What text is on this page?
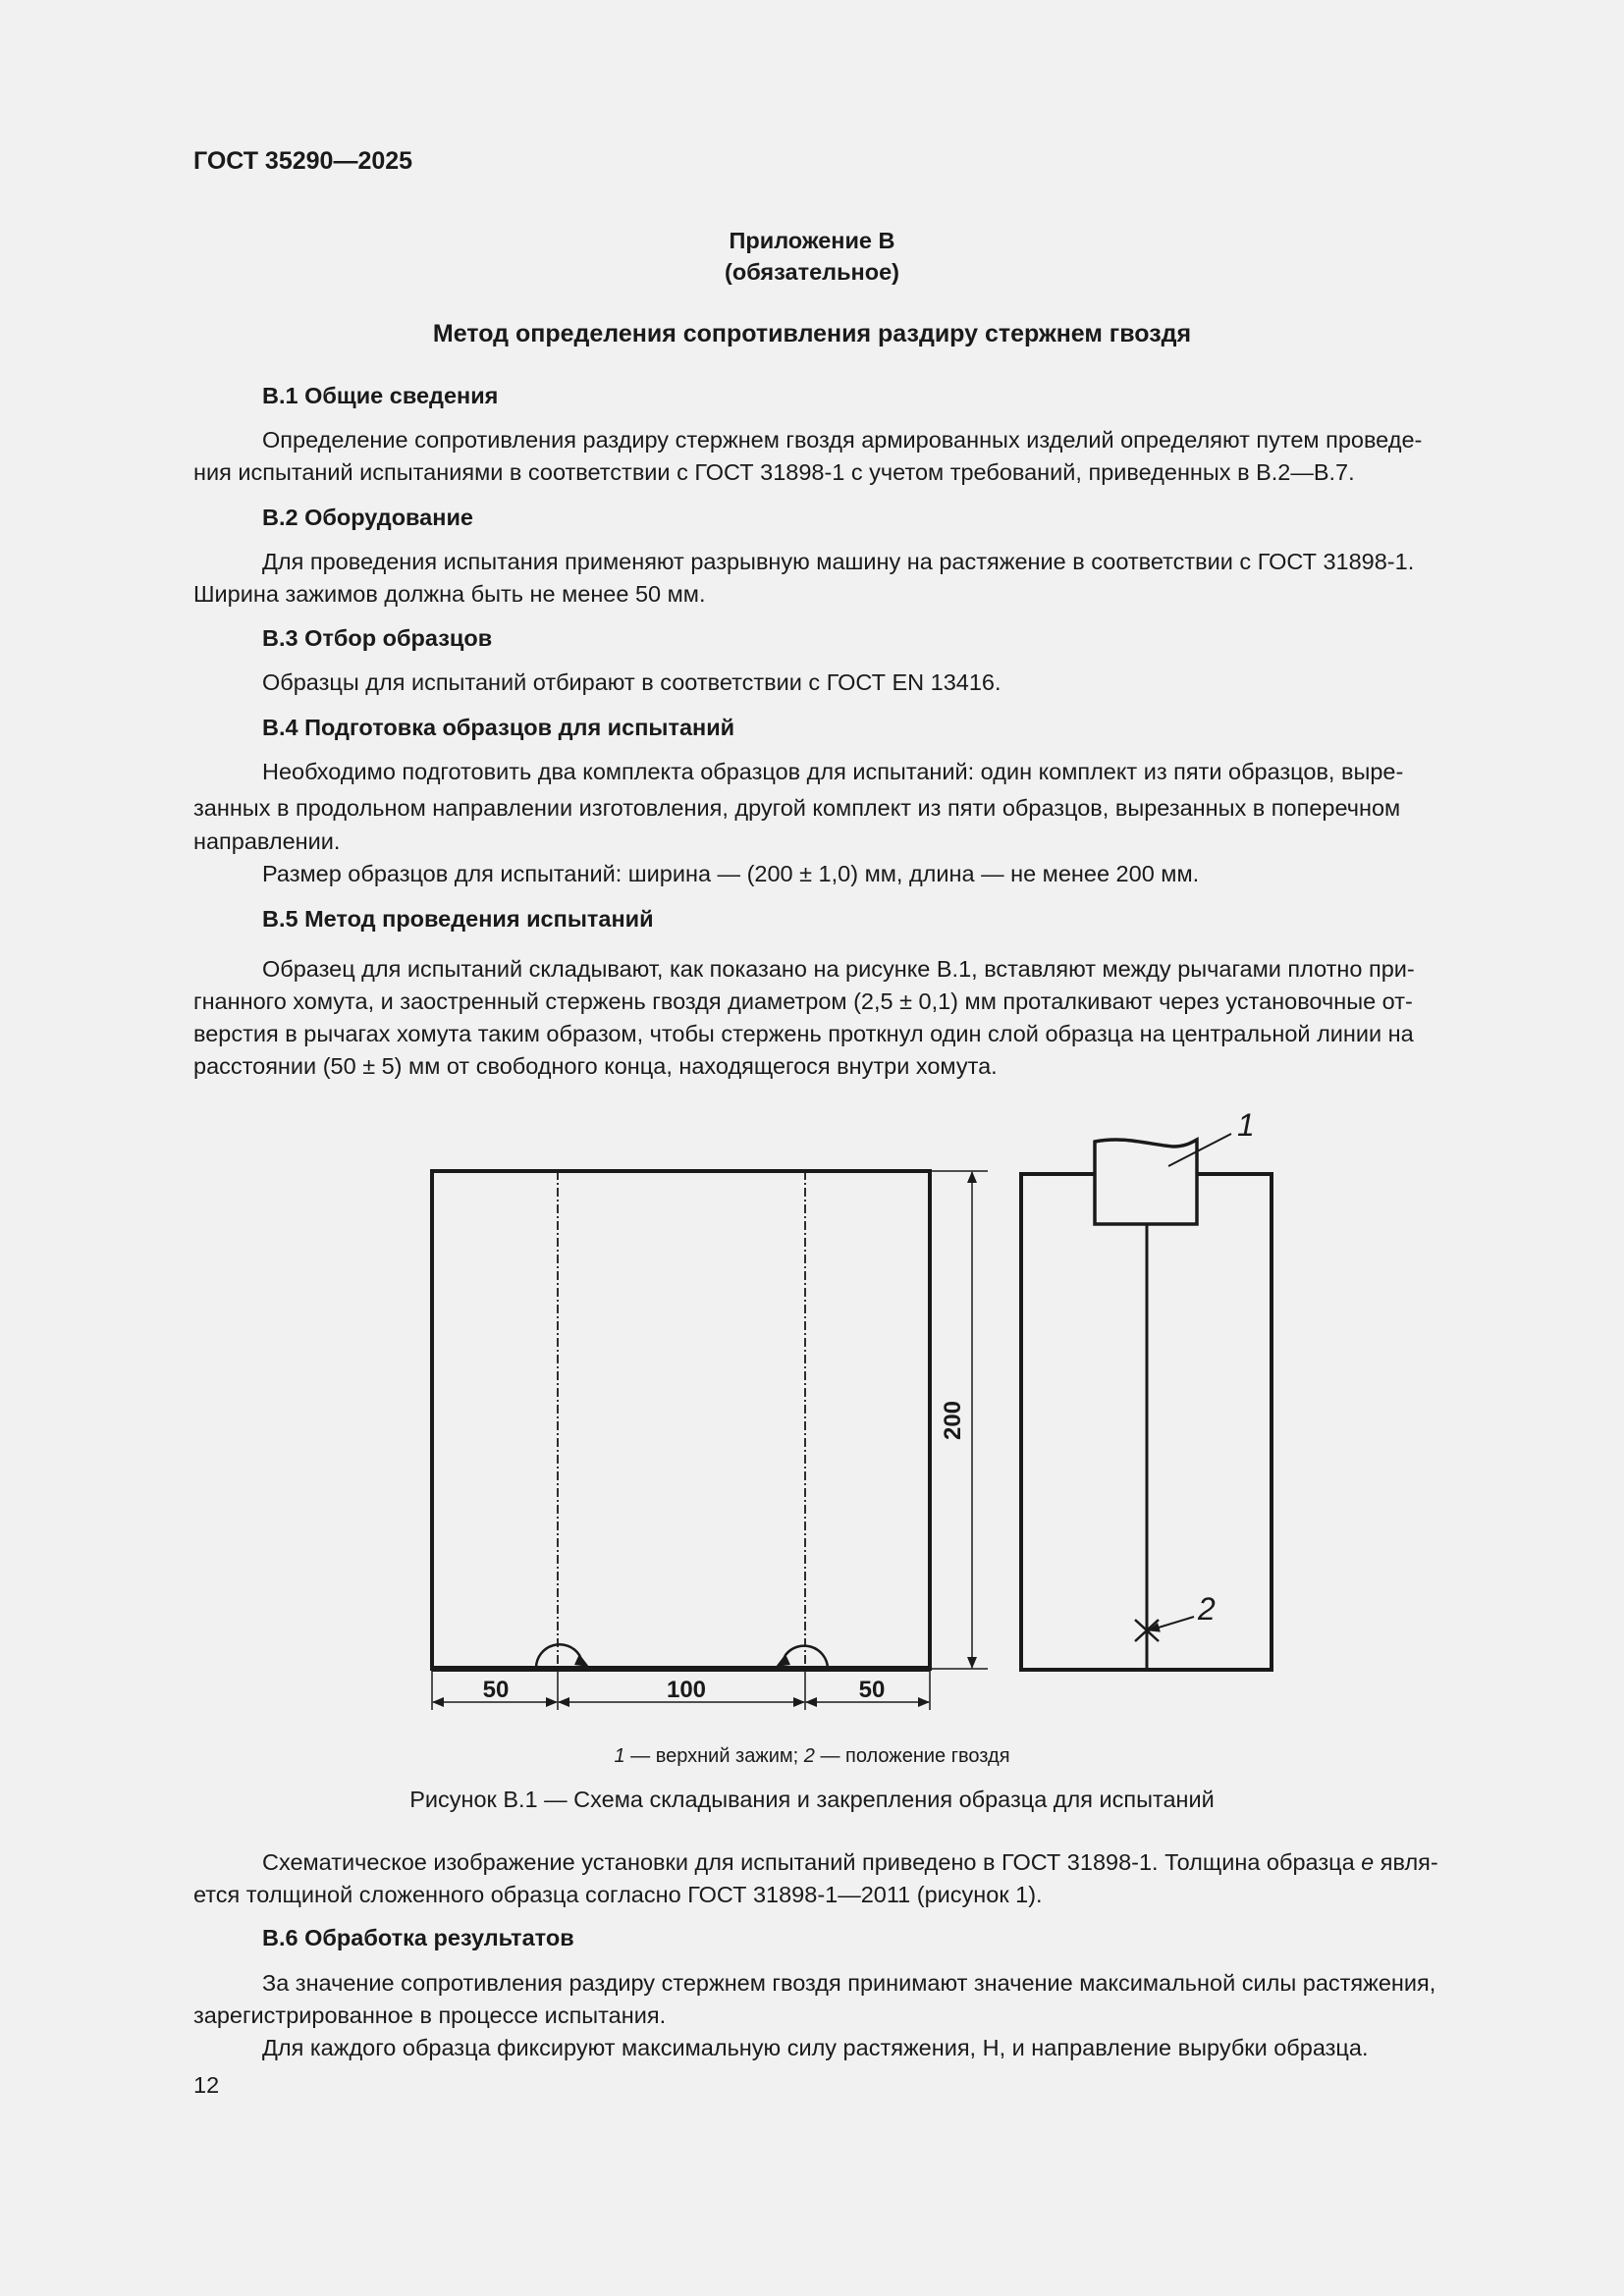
ГОСТ 35290—2025
Приложение В
(обязательное)
Метод определения сопротивления раздиру стержнем гвоздя
В.1 Общие сведения
Определение сопротивления раздиру стержнем гвоздя армированных изделий определяют путем проведе-
ния испытаний испытаниями в соответствии с ГОСТ 31898-1 с учетом требований, приведенных в В.2—В.7.
В.2 Оборудование
Для проведения испытания применяют разрывную машину на растяжение в соответствии с ГОСТ 31898-1.
Ширина зажимов должна быть не менее 50 мм.
В.3 Отбор образцов
Образцы для испытаний отбирают в соответствии с ГОСТ EN 13416.
В.4 Подготовка образцов для испытаний
Необходимо подготовить два комплекта образцов для испытаний: один комплект из пяти образцов, выре-
занных в продольном направлении изготовления, другой комплект из пяти образцов, вырезанных в поперечном
направлении.
Размер образцов для испытаний: ширина — (200 ± 1,0) мм, длина — не менее 200 мм.
В.5 Метод проведения испытаний
Образец для испытаний складывают, как показано на рисунке В.1, вставляют между рычагами плотно при-
гнанного хомута, и заостренный стержень гвоздя диаметром (2,5 ± 0,1) мм проталкивают через установочные от-
верстия в рычагах хомута таким образом, чтобы стержень проткнул один слой образца на центральной линии на
расстоянии (50 ± 5) мм от свободного конца, находящегося внутри хомута.
50	100	50
200
1
2
1 — верхний зажим; 2 — положение гвоздя
Рисунок В.1 — Схема складывания и закрепления образца для испытаний
Схематическое изображение установки для испытаний приведено в ГОСТ 31898-1. Толщина образца е явля-
ется толщиной сложенного образца согласно ГОСТ 31898-1—2011 (рисунок 1).
В.6 Обработка результатов
За значение сопротивления раздиру стержнем гвоздя принимают значение максимальной силы растяжения,
зарегистрированное в процессе испытания.
Для каждого образца фиксируют максимальную силу растяжения, Н, и направление вырубки образца.
12
